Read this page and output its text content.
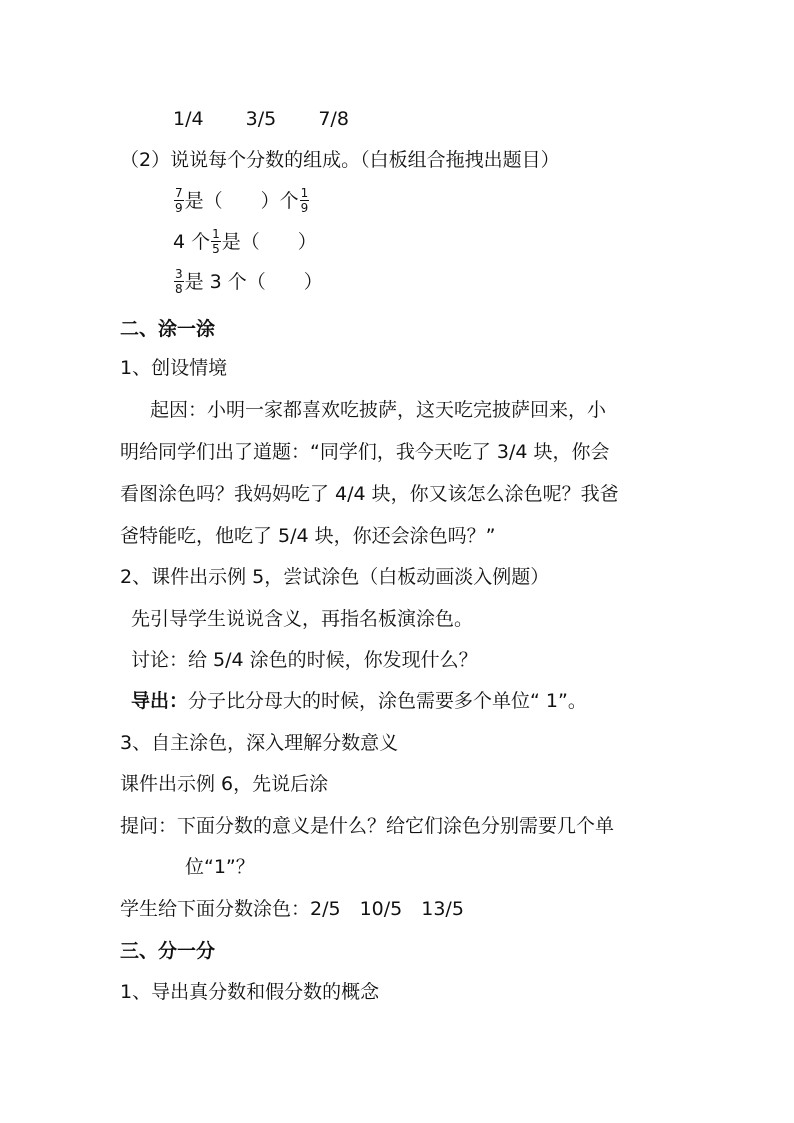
1/4 3/5 7/8
（2）说说每个分数的组成。（白板组合拖拽出题目）
$\frac{7}{9}$ 是（　　）个 $\frac{1}{9}$
4 个 $\frac{1}{5}$ 是（　　）
$\frac{3}{8}$ 是 3 个（　　）
二、涂一涂
1、创设情境
起因：小明一家都喜欢吃披萨，这天吃完披萨回来，小
明给同学们出了道题：“同学们，我今天吃了 3/4 块，你会
看图涂色吗？我妈妈吃了 4/4 块，你又该怎么涂色呢？我爸
爸特能吃，他吃了 5/4 块，你还会涂色吗？”
2、课件出示例 5，尝试涂色（白板动画淡入例题）
先引导学生说说含义，再指名板演涂色。
讨论：给 5/4 涂色的时候，你发现什么？
导出：分子比分母大的时候，涂色需要多个单位“ 1”。
3、自主涂色，深入理解分数意义
课件出示例 6，先说后涂
提问：下面分数的意义是什么？给它们涂色分别需要几个单
位“1”？
学生给下面分数涂色：2/5　10/5　13/5
三、分一分
1、导出真分数和假分数的概念
